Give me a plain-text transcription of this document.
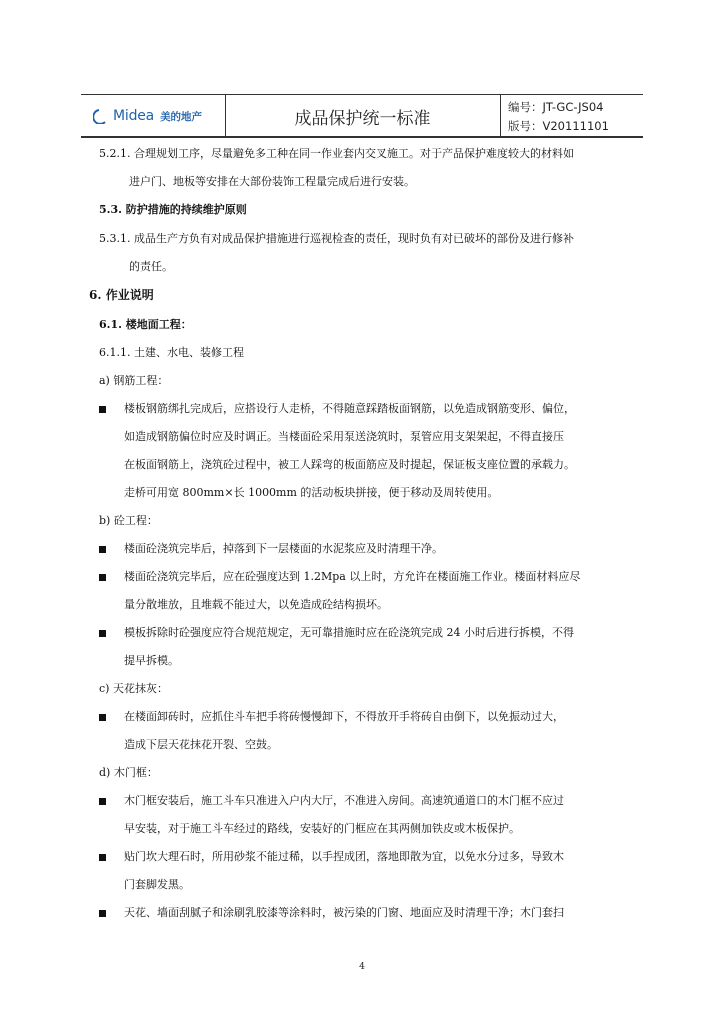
Midea 美的地产	成品保护统一标准
编号：JT-GC-JS04
版号：V20111101
5.2.1. 合理规划工序，尽量避免多工种在同一作业套内交叉施工。对于产品保护难度较大的材料如
进户门、地板等安排在大部份装饰工程量完成后进行安装。
5.3. 防护措施的持续维护原则
5.3.1. 成品生产方负有对成品保护措施进行巡视检查的责任，现时负有对已破坏的部份及进行修补
的责任。
6. 作业说明
6.1. 楼地面工程：
6.1.1. 土建、水电、装修工程
a) 钢筋工程：
楼板钢筋绑扎完成后，应搭设行人走桥，不得随意踩踏板面钢筋，以免造成钢筋变形、偏位，
如造成钢筋偏位时应及时调正。当楼面砼采用泵送浇筑时，泵管应用支架架起，不得直接压
在板面钢筋上，浇筑砼过程中，被工人踩弯的板面筋应及时提起，保证板支座位置的承载力。
走桥可用宽 800mm×长 1000mm 的活动板块拼接，便于移动及周转使用。
b) 砼工程：
楼面砼浇筑完毕后，掉落到下一层楼面的水泥浆应及时清理干净。
楼面砼浇筑完毕后，应在砼强度达到 1.2Mpa 以上时，方允许在楼面施工作业。楼面材料应尽
量分散堆放，且堆载不能过大，以免造成砼结构损坏。
模板拆除时砼强度应符合规范规定，无可靠措施时应在砼浇筑完成 24 小时后进行拆模，不得
提早拆模。
c) 天花抹灰：
在楼面卸砖时，应抓住斗车把手将砖慢慢卸下，不得放开手将砖自由倒下，以免振动过大，
造成下层天花抹花开裂、空鼓。
d) 木门框：
木门框安装后，施工斗车只准进入户内大厅，不准进入房间。高速筑通道口的木门框不应过
早安装，对于施工斗车经过的路线，安装好的门框应在其两侧加铁皮或木板保护。
贴门坎大理石时，所用砂浆不能过稀，以手捏成团，落地即散为宜，以免水分过多，导致木
门套脚发黑。
天花、墙面刮腻子和涂刷乳胶漆等涂料时，被污染的门窗、地面应及时清理干净；木门套扫
4
